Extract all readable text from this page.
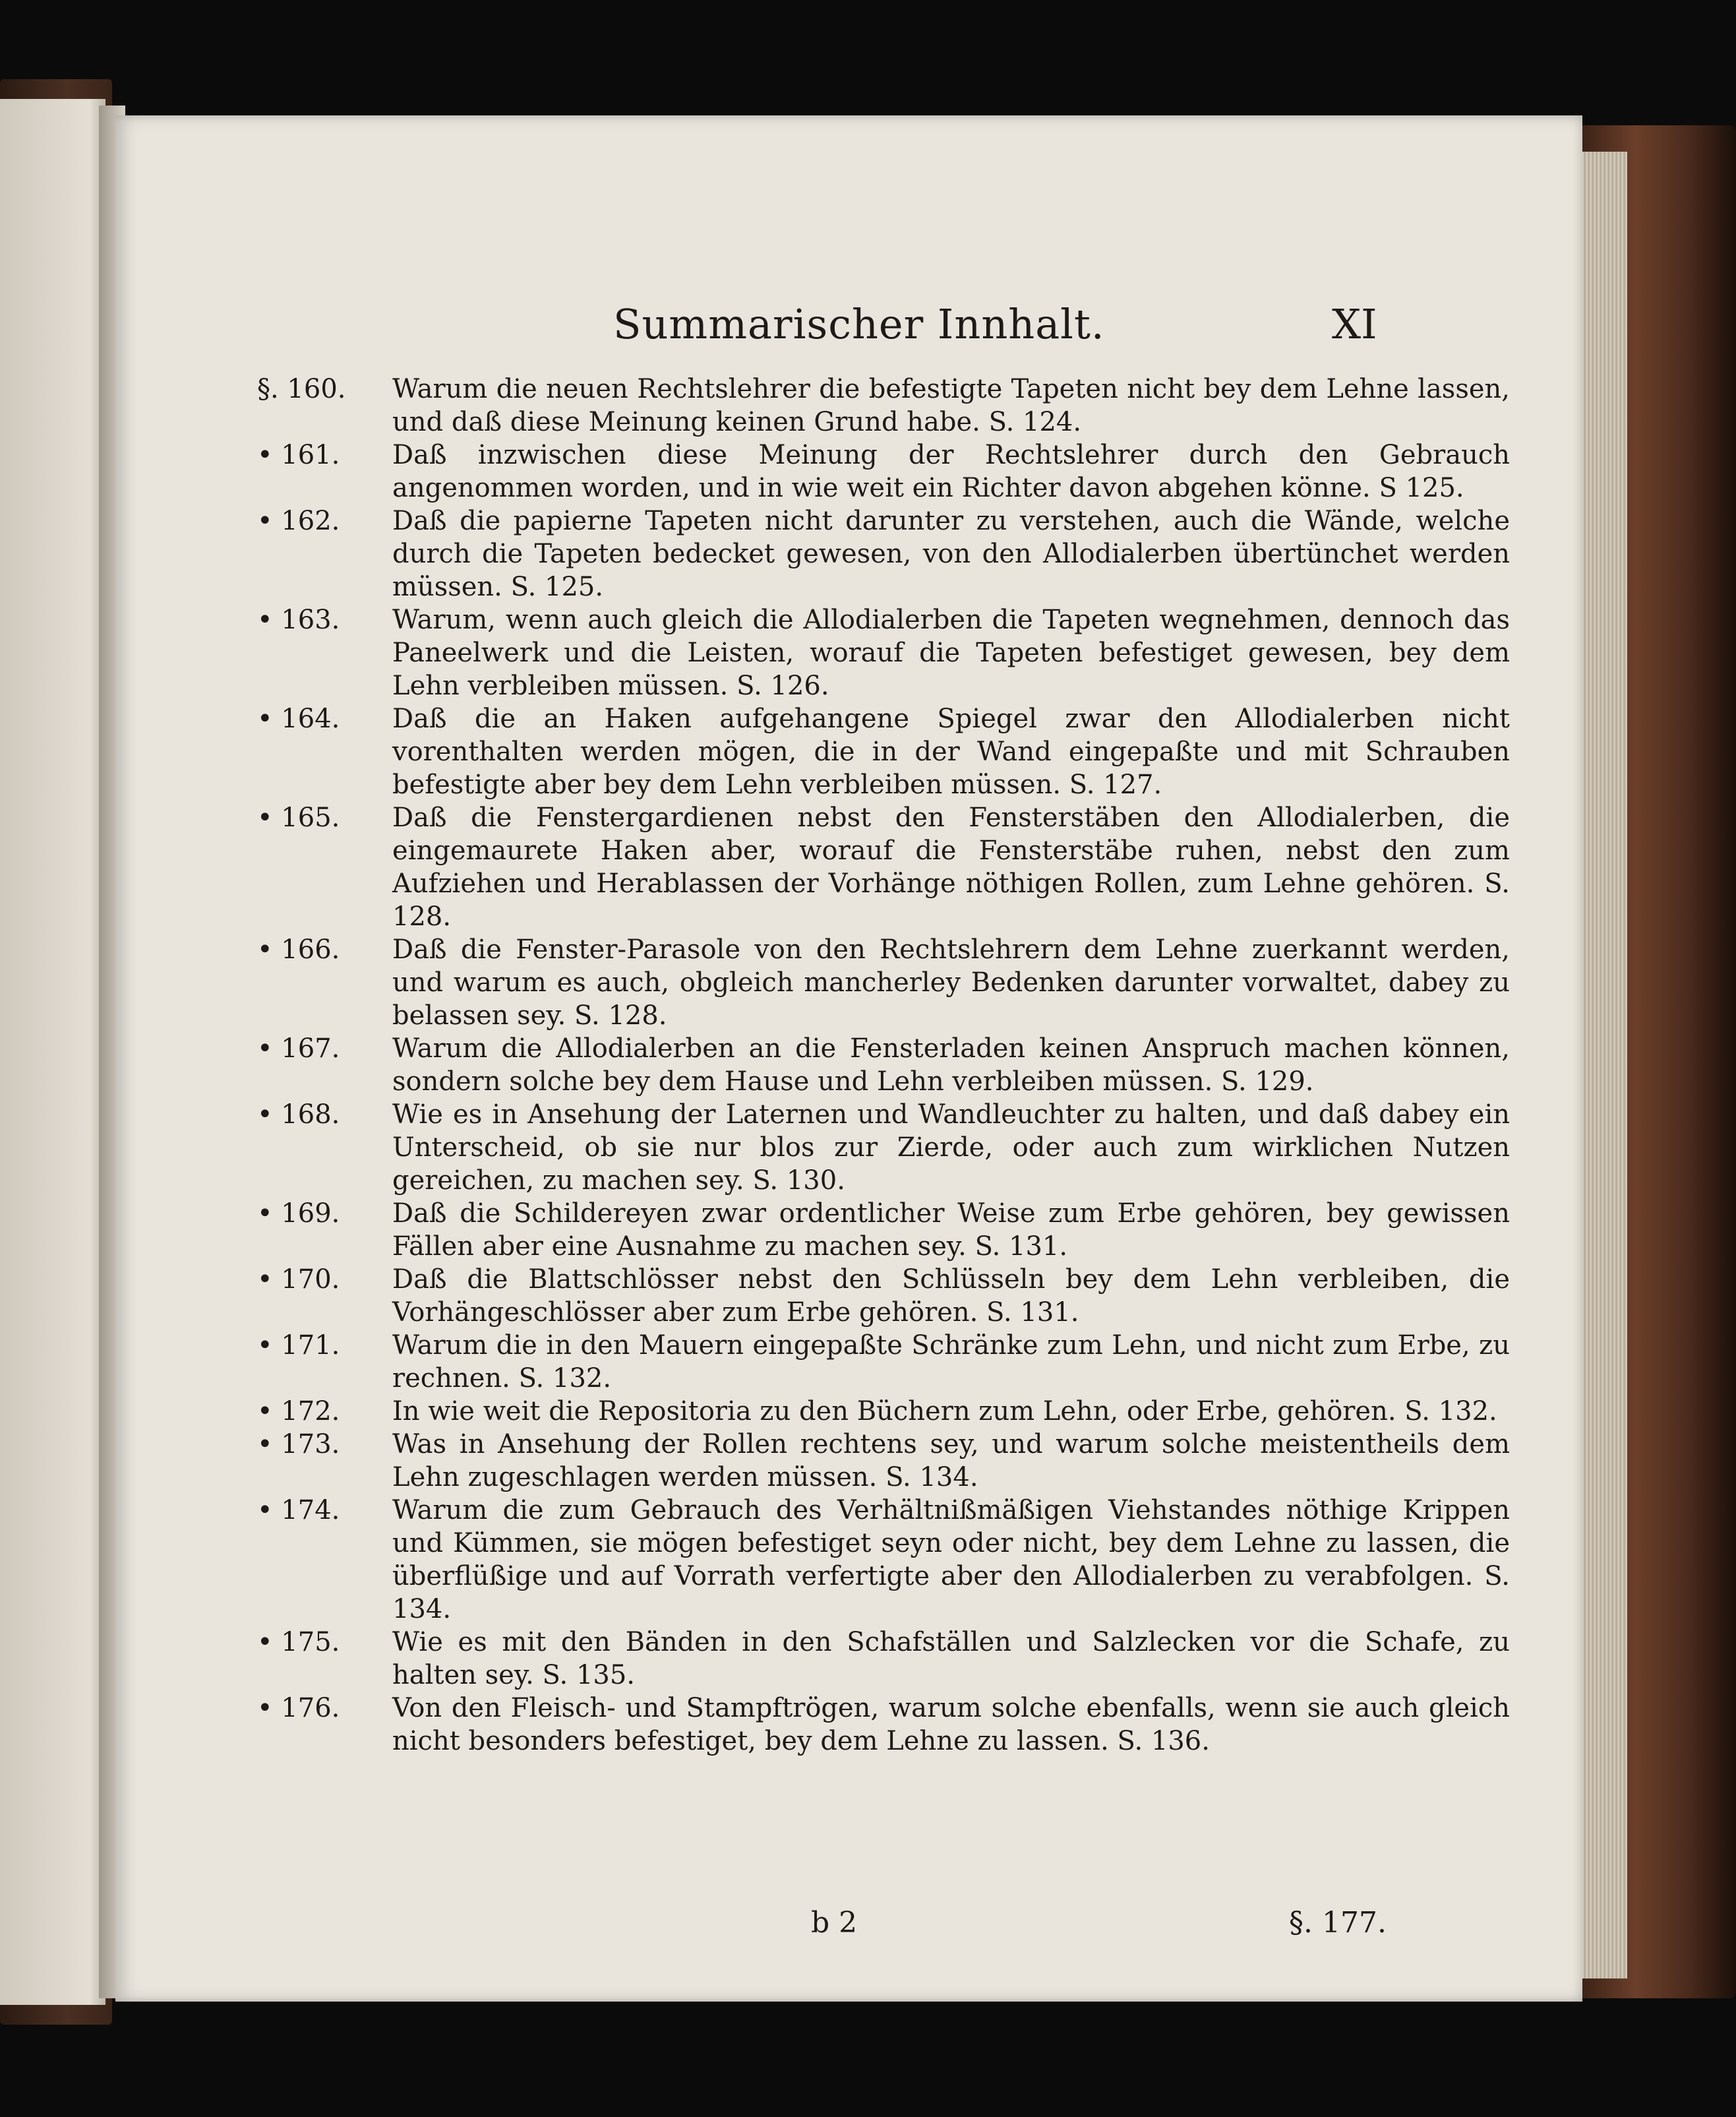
Summarischer Innhalt.	XI
§. 160.	Warum die neuen Rechtslehrer die befestigte Tapeten nicht bey dem Lehne lassen, und daß diese Meinung keinen Grund habe. S. 124.
• 161.	Daß inzwischen diese Meinung der Rechtslehrer durch den Gebrauch angenommen worden, und in wie weit ein Richter davon abgehen könne. S 125.
• 162.	Daß die papierne Tapeten nicht darunter zu verstehen, auch die Wände, welche durch die Tapeten bedecket gewesen, von den Allodialerben übertünchet werden müssen. S. 125.
• 163.	Warum, wenn auch gleich die Allodialerben die Tapeten wegnehmen, dennoch das Paneelwerk und die Leisten, worauf die Tapeten befestiget gewesen, bey dem Lehn verbleiben müssen. S. 126.
• 164.	Daß die an Haken aufgehangene Spiegel zwar den Allodialerben nicht vorenthalten werden mögen, die in der Wand eingepaßte und mit Schrauben befestigte aber bey dem Lehn verbleiben müssen. S. 127.
• 165.	Daß die Fenstergardienen nebst den Fensterstäben den Allodialerben, die eingemaurete Haken aber, worauf die Fensterstäbe ruhen, nebst den zum Aufziehen und Herablassen der Vorhänge nöthigen Rollen, zum Lehne gehören. S. 128.
• 166.	Daß die Fenster-Parasole von den Rechtslehrern dem Lehne zuerkannt werden, und warum es auch, obgleich mancherley Bedenken darunter vorwaltet, dabey zu belassen sey. S. 128.
• 167.	Warum die Allodialerben an die Fensterladen keinen Anspruch machen können, sondern solche bey dem Hause und Lehn verbleiben müssen. S. 129.
• 168.	Wie es in Ansehung der Laternen und Wandleuchter zu halten, und daß dabey ein Unterscheid, ob sie nur blos zur Zierde, oder auch zum wirklichen Nutzen gereichen, zu machen sey. S. 130.
• 169.	Daß die Schildereyen zwar ordentlicher Weise zum Erbe gehören, bey gewissen Fällen aber eine Ausnahme zu machen sey. S. 131.
• 170.	Daß die Blattschlösser nebst den Schlüsseln bey dem Lehn verbleiben, die Vorhängeschlösser aber zum Erbe gehören. S. 131.
• 171.	Warum die in den Mauern eingepaßte Schränke zum Lehn, und nicht zum Erbe, zu rechnen. S. 132.
• 172.	In wie weit die Repositoria zu den Büchern zum Lehn, oder Erbe, gehören. S. 132.
• 173.	Was in Ansehung der Rollen rechtens sey, und warum solche meistentheils dem Lehn zugeschlagen werden müssen. S. 134.
• 174.	Warum die zum Gebrauch des Verhältnißmäßigen Viehstandes nöthige Krippen und Kümmen, sie mögen befestiget seyn oder nicht, bey dem Lehne zu lassen, die überflüßige und auf Vorrath verfertigte aber den Allodialerben zu verabfolgen. S. 134.
• 175.	Wie es mit den Bänden in den Schafställen und Salzlecken vor die Schafe, zu halten sey. S. 135.
• 176.	Von den Fleisch- und Stampftrögen, warum solche ebenfalls, wenn sie auch gleich nicht besonders befestiget, bey dem Lehne zu lassen. S. 136.
b 2	§. 177.
